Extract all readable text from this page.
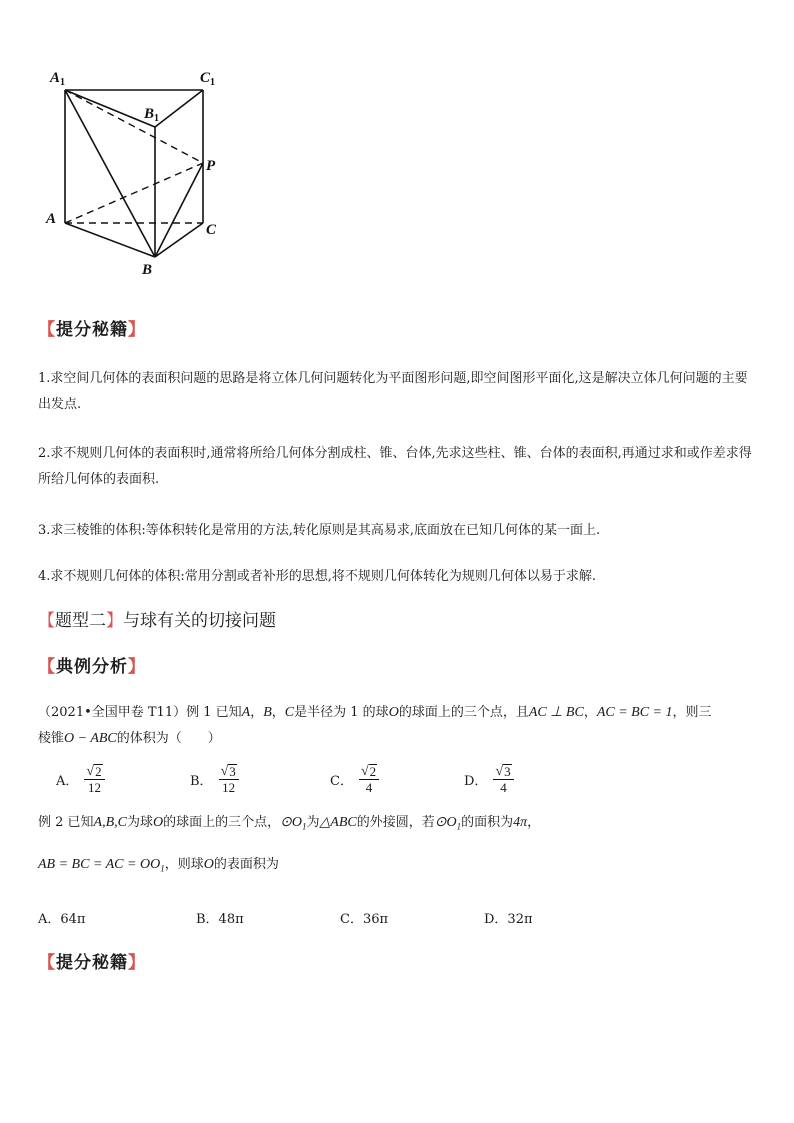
$A_1$	$C_1$
$B_1$
P
A
C
B
【提分秘籍】
1.求空间几何体的表面积问题的思路是将立体几何问题转化为平面图形问题,即空间图形平面化,这是解决立体几何问题的主要出发点.
2.求不规则几何体的表面积时,通常将所给几何体分割成柱、锥、台体,先求这些柱、锥、台体的表面积,再通过求和或作差求得所给几何体的表面积.
3.求三棱锥的体积:等体积转化是常用的方法,转化原则是其高易求,底面放在已知几何体的某一面上.
4.求不规则几何体的体积:常用分割或者补形的思想,将不规则几何体转化为规则几何体以易于求解.
【题型二】与球有关的切接问题
【典例分析】
（2021•全国甲卷 T11）例 1 已知A，B，C是半径为 1 的球O的球面上的三个点，且AC ⊥ BC，AC = BC = 1，则三
棱锥O − ABC的体积为（　　）
A． $\frac{√ 2}{12}$	B． $\frac{√ 3}{12}$	C． $\frac{√ 2}{4}$	D． $\frac{√ 3}{4}$
例 2 已知A,B,C为球O的球面上的三个点，$⊙O_1$为△ABC的外接圆，若$⊙O_1$的面积为4π，
AB = BC = AC = $OO_1$，则球O的表面积为
A．64π	B．48π	C．36π	D．32π
【提分秘籍】
